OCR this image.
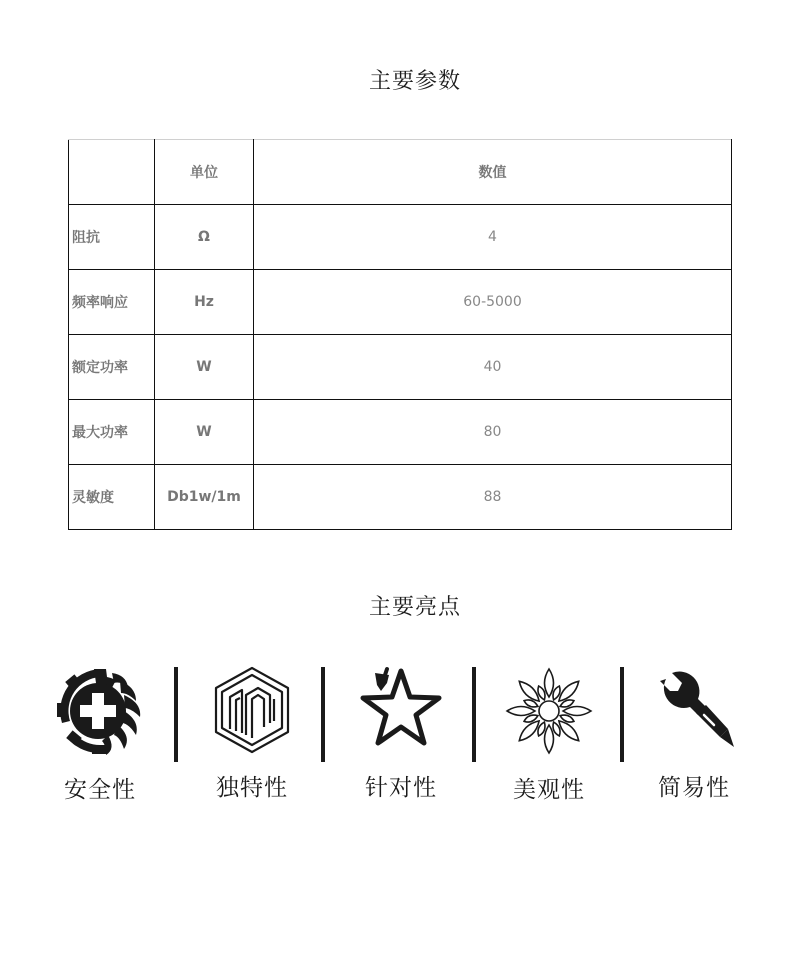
主要参数
	单位	数值
阻抗	Ω	4
频率响应	Hz	60-5000
额定功率	W	40
最大功率	W	80
灵敏度	Db1w/1m	88
主要亮点
安全性	独特性	针对性	美观性	简易性
